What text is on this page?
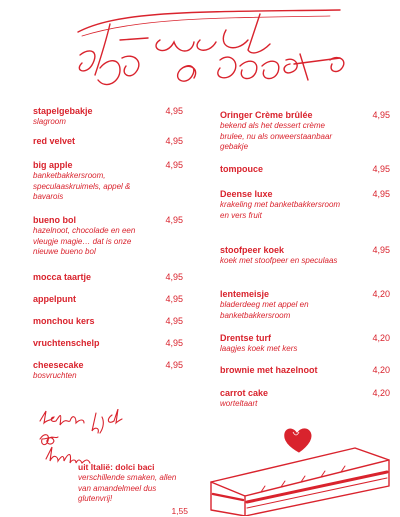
stapelgebakje
slagroom
4,95
red velvet	4,95
big apple
banketbakkersroom, speculaaskruimels, appel & bavarois
4,95
bueno bol
hazelnoot, chocolade en een vleugje magie… dat is onze nieuwe bueno bol
4,95
mocca taartje	4,95
appelpunt	4,95
monchou kers	4,95
vruchtenschelp	4,95
cheesecake
bosvruchten
4,95
Oringer Crème brûlée
bekend als het dessert crème brulee, nu als onweerstaanbaar gebakje
4,95
tompouce	4,95
Deense luxe
krakeling met banketbakkersroom en vers fruit
4,95
stoofpeer koek
koek met stoofpeer en speculaas
4,95
lentemeisje
bladerdeeg met appel en banketbakkersroom
4,20
Drentse turf
laagjes koek met kers
4,20
brownie met hazelnoot	4,20
carrot cake
worteltaart
4,20
uit Italië: dolci baci
verschillende smaken, allen van amandelmeel dus glutenvrij!
1,55
